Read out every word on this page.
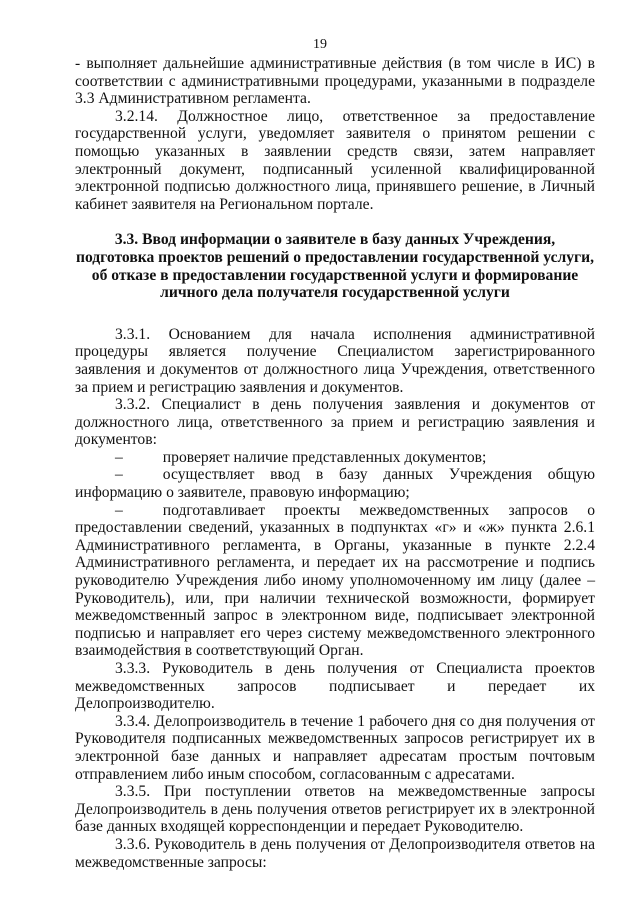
19

- выполняет дальнейшие административные действия (в том числе в ИС) в соответствии с административными процедурами, указанными в подразделе 3.3 Административном регламента.

3.2.14. Должностное лицо, ответственное за предоставление государственной услуги, уведомляет заявителя о принятом решении с помощью указанных в заявлении средств связи, затем направляет электронный документ, подписанный усиленной квалифицированной электронной подписью должностного лица, принявшего решение, в Личный кабинет заявителя на Региональном портале.

3.3. Ввод информации о заявителе в базу данных Учреждения,
подготовка проектов решений о предоставлении государственной услуги,
об отказе в предоставлении государственной услуги и формирование
личного дела получателя государственной услуги

3.3.1. Основанием для начала исполнения административной процедуры является получение Специалистом зарегистрированного заявления и документов от должностного лица Учреждения, ответственного за прием и регистрацию заявления и документов.

3.3.2. Специалист в день получения заявления и документов от должностного лица, ответственного за прием и регистрацию заявления и документов:

–	проверяет наличие представленных документов;

–	осуществляет ввод в базу данных Учреждения общую информацию о заявителе, правовую информацию;

–	подготавливает проекты межведомственных запросов о предоставлении сведений, указанных в подпунктах «г» и «ж» пункта 2.6.1 Административного регламента, в Органы, указанные в пункте 2.2.4 Административного регламента, и передает их на рассмотрение и подпись руководителю Учреждения либо иному уполномоченному им лицу (далее – Руководитель), или, при наличии технической возможности, формирует межведомственный запрос в электронном виде, подписывает электронной подписью и направляет его через систему межведомственного электронного взаимодействия в соответствующий Орган.

3.3.3. Руководитель в день получения от Специалиста проектов межведомственных запросов подписывает и передает их Делопроизводителю.

3.3.4. Делопроизводитель в течение 1 рабочего дня со дня получения от Руководителя подписанных межведомственных запросов регистрирует их в электронной базе данных и направляет адресатам простым почтовым отправлением либо иным способом, согласованным с адресатами.

3.3.5. При поступлении ответов на межведомственные запросы Делопроизводитель в день получения ответов регистрирует их в электронной базе данных входящей корреспонденции и передает Руководителю.

3.3.6. Руководитель в день получения от Делопроизводителя ответов на межведомственные запросы:
